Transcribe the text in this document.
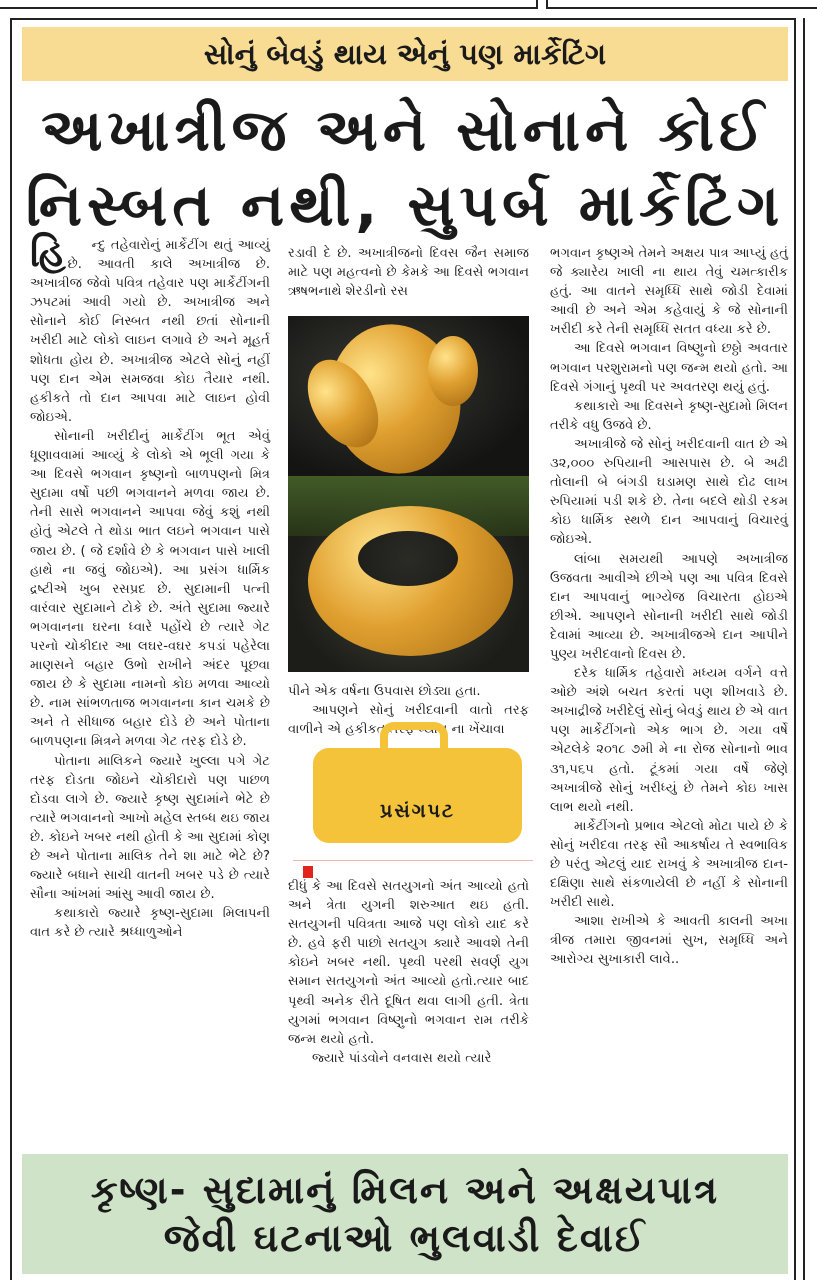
સોનું બેવડું થાય એનું પણ માર્કેટિંગ
અખાત્રીજ અને સોનાને કોઈ
નિસ્બત નથી, સુપર્બ માર્કેટિંગ

હિ ન્દુ તહેવારોનું માર્કેટીંગ થતું આવ્યું છે. આવતી કાલે અખાત્રીજ છે. અખાત્રીજ જેવો પવિત્ર તહેવાર પણ માર્કેટીંગની ઝપટમાં આવી ગયો છે. અખાત્રીજ અને સોનાને કોઈ નિસ્બત નથી છતાં સોનાની ખરીદી માટે લોકો લાઇન લગાવે છે અને મૂહર્ત શોધતા હોય છે. અખાત્રીજ એટલે સોનું નહીં પણ દાન એમ સમજવા કોઇ તૈયાર નથી. હકીકતે તો દાન આપવા માટે લાઇન હોવી જોઇએ.

સોનાની ખરીદીનું માર્કેટીંગ ભૂત એવું ધૂણાવવામાં આવ્યું કે લોકો એ ભૂલી ગયા કે આ દિવસે ભગવાન કૃષ્ણનો બાળપણનો મિત્ર સુદામા વર્ષો પછી ભગવાનને મળવા જાય છે. તેની સાસે ભગવાનને આપવા જેવું કશું નથી હોતું એટલે તે થોડા ભાત લઇને ભગવાન પાસે જાય છે. ( જે દર્શાવે છે કે ભગવાન પાસે ખાલી હાથે ના જવું જોઇએ). આ પ્રસંગ ધાર્મિક દ્રષ્ટીએ ખુબ રસપ્રદ છે. સુદામાની પત્ની વારંવાર સુદામાને ટોકે છે. અંતે સુદામા જ્યારે ભગવાનના ઘરના ધ્વારે પહોંચે છે ત્યારે ગેટ પરનો ચોકીદાર આ લઘર-વઘર કપડાં પહેરેલા માણસને બહાર ઉભો રાખીને અંદર પૂછવા જાય છે કે સુદામા નામનો કોઇ મળવા આવ્યો છે. નામ સાંભળતાજ ભગવાનના કાન ચમકે છે અને તે સીધાજ બહાર દોડે છે અને પોતાના બાળપણના મિત્રને મળવા ગેટ તરફ દોડે છે.

પોતાના માલિકને જ્યારે ખુલ્લા પગે ગેટ તરફ દોડતા જોઇને ચોકીદારો પણ પાછળ દોડવા લાગે છે. જ્યારે કૃષ્ણ સુદામાંને ભેટે છે ત્યારે ભગવાનનો આખો મહેલ સ્તબ્ધ થઇ જાય છે. કોઇને ખબર નથી હોતી કે આ સુદામાં કોણ છે અને પોતાના માલિક તેને શા માટે ભેટે છે? જ્યારે બધાને સાચી વાતની ખબર પડે છે ત્યારે સૌના આંખમાં આંસુ આવી જાય છે.

કથાકારો જ્યારે કૃષ્ણ-સુદામા મિલાપની વાત કરે છે ત્યારે શ્રધ્ધાળુઓને

રડાવી દે છે. અખાત્રીજનો દિવસ જૈન સમાજ માટે પણ મહત્વનો છે કેમકે આ દિવસે ભગવાન ઋષભનાથે શેરડીનો રસ

પીને એક વર્ષના ઉપવાસ છોડ્યા હતા.

આપણને સોનું ખરીદવાની વાતો તરફ વાળીને એ હકીકત તરફ ધ્યાન ના ખેંચાવા

પ્રસંગપટ

દીધું કે આ દિવસે સતયુગનો અંત આવ્યો હતો અને ત્રેતા યુગની શરુઆત થઇ હતી. સતયુગની પવિત્રતા આજે પણ લોકો યાદ કરે છે. હવે ફરી પાછો સતયુગ ક્યારે આવશે તેની કોઇને ખબર નથી. પૃથ્વી પરથી સવર્ણ યુગ સમાન સતયુગનો અંત આવ્યો હતો.ત્યાર બાદ પૃથ્વી અનેક રીતે દૂષિત થવા લાગી હતી. ત્રેતા યુગમાં ભગવાન વિષ્ણુનો ભગવાન રામ તરીકે જન્મ થયો હતો.

જ્યારે પાંડવોને વનવાસ થયો ત્યારે

ભગવાન કૃષ્ણએ તેમને અક્ષય પાત્ર આપ્યું હતું જે ક્યારેય ખાલી ના થાય તેવું ચમત્કારીક હતું. આ વાતને સમૃધ્ધિ સાથે જોડી દેવામાં આવી છે અને એમ કહેવાયું કે જે સોનાની ખરીદી કરે તેની સમૃધ્ધિ સતત વધ્યા કરે છે.

આ દિવસે ભગવાન વિષ્ણુનો છઠ્ઠો અવતાર ભગવાન પરશુરામનો પણ જન્મ થયો હતો. આ દિવસે ગંગાનું પૃથ્વી પર અવતરણ થયું હતું.

કથાકારો આ દિવસને કૃષ્ણ-સુદામો મિલન તરીકે વધુ ઉજવે છે.

અખાત્રીજે જે સોનું ખરીદવાની વાત છે એ ૩૨,૦૦૦ રુપિયાની આસપાસ છે. બે અઢી તોલાની બે બંગડી ઘડામણ સાથે દોઢ લાખ રુપિયામાં પડી શકે છે. તેના બદલે થોડી રકમ કોઇ ધાર્મિક સ્થળે દાન આપવાનું વિચારવું જોઇએ.

લાંબા સમયથી આપણે અખાત્રીજ ઉજવતા આવીએ છીએ પણ આ પવિત્ર દિવસે દાન આપવાનું ભાગ્યેજ વિચારતા હોઇએ છીએ. આપણને સોનાની ખરીદી સાથે જોડી દેવામાં આવ્યા છે. અખાત્રીજએ દાન આપીને પુણ્ય ખરીદવાનો દિવસ છે.

દરેક ધાર્મિક તહેવારો મધ્યમ વર્ગને વત્તે ઓછે અંશે બચત કરતાં પણ શીખવાડે છે. અખાદ્રીજે ખરીદેલું સોનું બેવડું થાય છે એ વાત પણ માર્કેટીંગનો એક ભાગ છે. ગયા વર્ષે એટલેકે ૨૦૧૮ ૭મી મે ના રોજ સોનાનો ભાવ ૩૧,૫૬૫ હતો. ટૂંકમાં ગયા વર્ષે જેણે અખાત્રીજે સોનું ખરીધ્યું છે તેમને કોઇ ખાસ લાભ થયો નથી.

માર્કેટીંગનો પ્રભાવ એટલો મોટા પાયે છે કે સોનું ખરીદવા તરફ સૌ આકર્ષાય તે સ્વભાવિક છે પરંતુ એટલું યાદ રાખવું કે અખાત્રીજ દાન-દક્ષિણા સાથે સંકળાયેલી છે નહીં કે સોનાની ખરીદી સાથે.

આશા રાખીએ કે આવતી કાલની અખા ત્રીજ તમારા જીવનમાં સુખ, સમૃધ્ધિ અને આરોગ્ય સુખાકારી લાવે..

કૃષ્ણ- સુદામાનું મિલન અને અક્ષયપાત્ર
જેવી ઘટનાઓ ભુલવાડી દેવાઈ
